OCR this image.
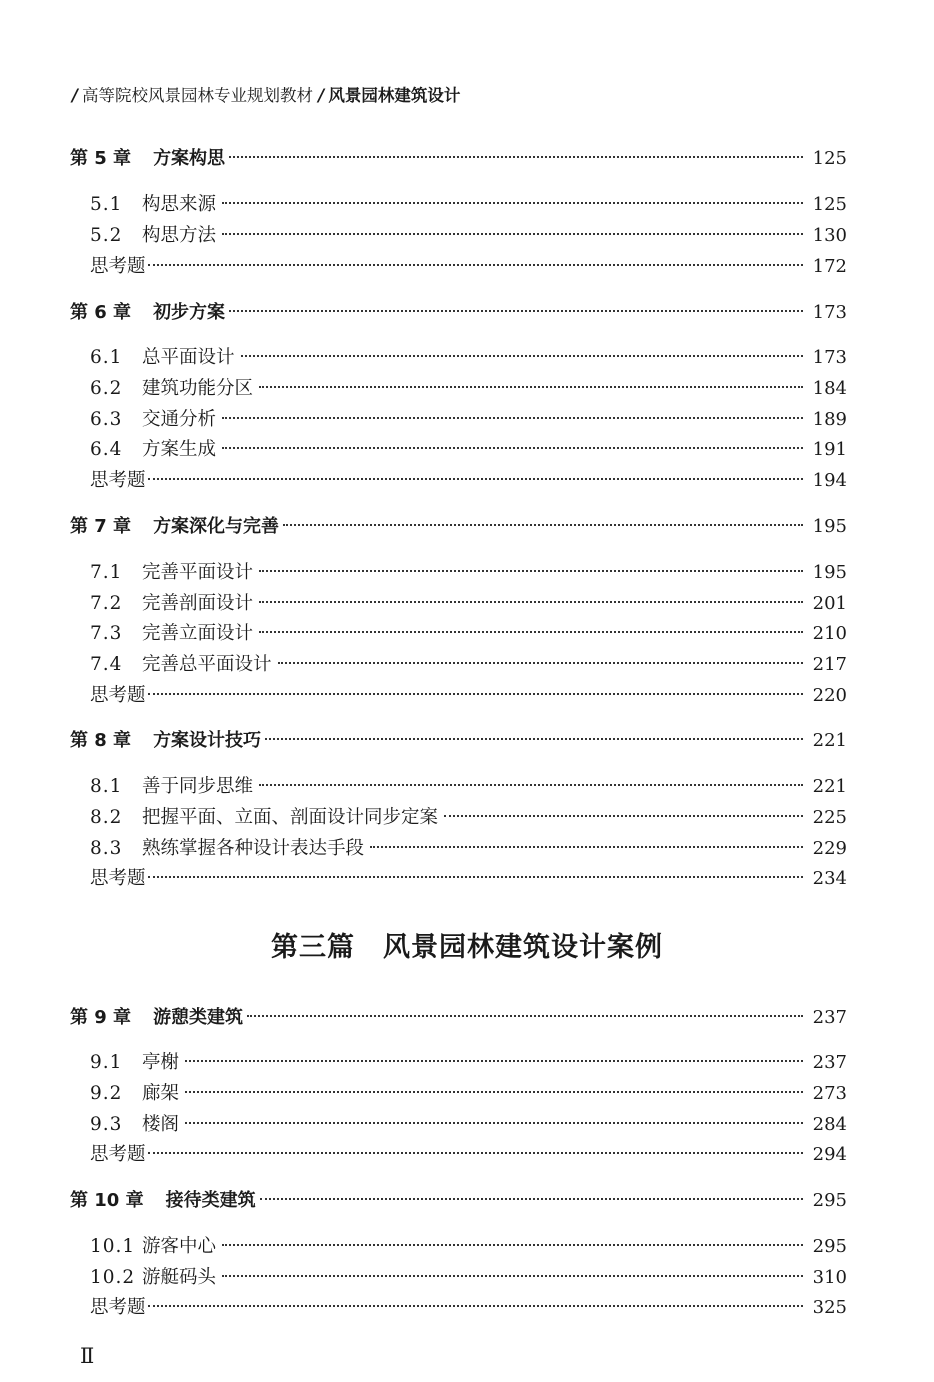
/ 高等院校风景园林专业规划教材 / 风景园林建筑设计
第 5 章 方案构思	125
5.1	构思来源	125
5.2	构思方法	130
思考题	172
第 6 章 初步方案	173
6.1	总平面设计	173
6.2	建筑功能分区	184
6.3	交通分析	189
6.4	方案生成	191
思考题	194
第 7 章 方案深化与完善	195
7.1	完善平面设计	195
7.2	完善剖面设计	201
7.3	完善立面设计	210
7.4	完善总平面设计	217
思考题	220
第 8 章 方案设计技巧	221
8.1	善于同步思维	221
8.2	把握平面、立面、剖面设计同步定案	225
8.3	熟练掌握各种设计表达手段	229
思考题	234
第三篇　风景园林建筑设计案例
第 9 章 游憩类建筑	237
9.1	亭榭	237
9.2	廊架	273
9.3	楼阁	284
思考题	294
第 10 章 接待类建筑	295
10.1 游客中心	295
10.2 游艇码头	310
思考题	325
Ⅱ
